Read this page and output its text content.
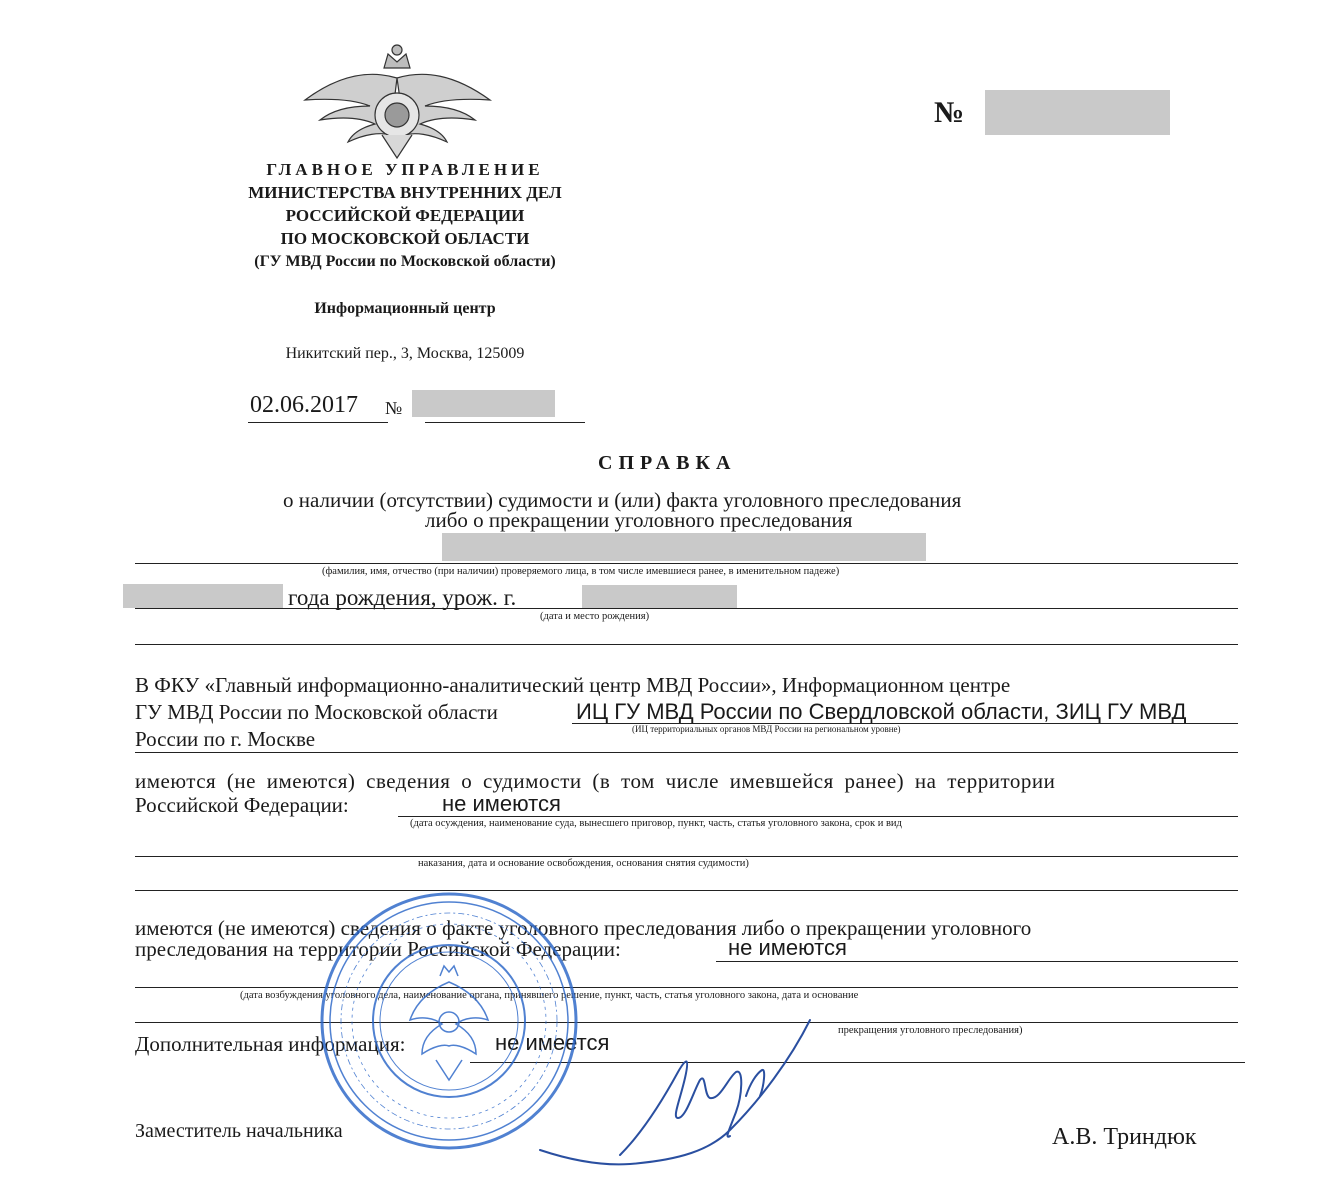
ГЛАВНОЕ УПРАВЛЕНИЕ
МИНИСТЕРСТВА ВНУТРЕННИХ ДЕЛ
РОССИЙСКОЙ ФЕДЕРАЦИИ
ПО МОСКОВСКОЙ ОБЛАСТИ
(ГУ МВД России по Московской области)
Информационный центр
Никитский пер., 3, Москва, 125009
02.06.2017 №
№
СПРАВКА
о наличии (отсутствии) судимости и (или) факта уголовного преследования
либо о прекращении уголовного преследования
(фамилия, имя, отчество (при наличии) проверяемого лица, в том числе имевшиеся ранее, в именительном падеже)
года рождения, урож. г.
(дата и место рождения)
В ФКУ «Главный информационно-аналитический центр МВД России», Информационном центре
ГУ МВД России по Московской области	ИЦ ГУ МВД России по Свердловской области, ЗИЦ ГУ МВД
(ИЦ территориальных органов МВД России на региональном уровне)
России по г. Москве
имеются (не имеются) сведения о судимости (в том числе имевшейся ранее) на территории
Российской Федерации:	не имеются
(дата осуждения, наименование суда, вынесшего приговор, пункт, часть, статья уголовного закона, срок и вид
наказания, дата и основание освобождения, основания снятия судимости)
имеются (не имеются) сведения о факте уголовного преследования либо о прекращении уголовного
преследования на территории Российской Федерации:	не имеются
(дата возбуждения уголовного дела, наименование органа, принявшего решение, пункт, часть, статья уголовного закона, дата и основание
прекращения уголовного преследования)
Дополнительная информация:	не имеется
Заместитель начальника	А.В. Триндюк
